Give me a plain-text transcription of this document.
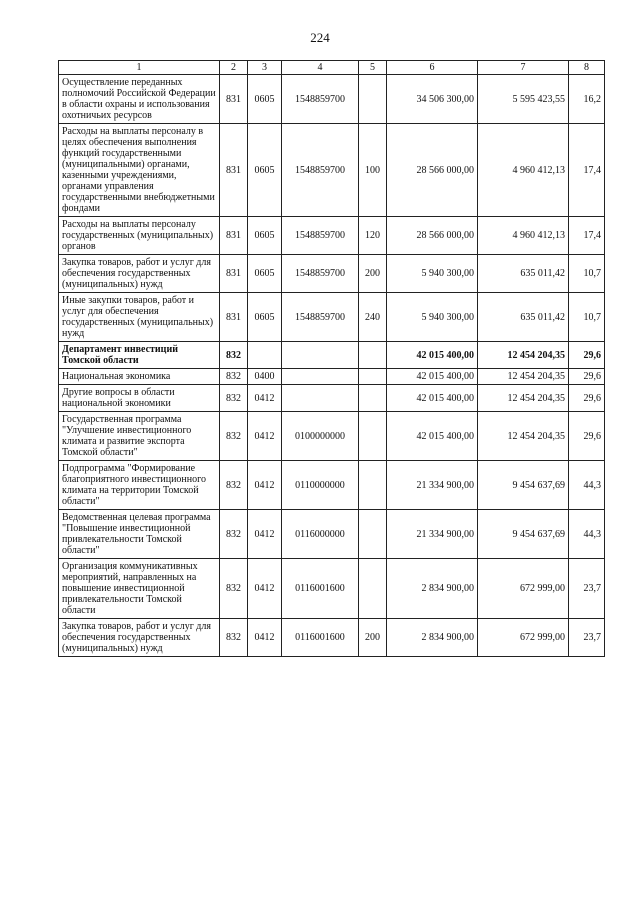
224
1	2	3	4	5	6	7	8
Осуществление переданных полномочий Российской Федерации в области охраны и использования охотничьих ресурсов	831	0605	1548859700		34 506 300,00	5 595 423,55	16,2
Расходы на выплаты персоналу в целях обеспечения выполнения функций государственными (муниципальными) органами, казенными учреждениями, органами управления государственными внебюджетными фондами	831	0605	1548859700	100	28 566 000,00	4 960 412,13	17,4
Расходы на выплаты персоналу государственных (муниципальных) органов	831	0605	1548859700	120	28 566 000,00	4 960 412,13	17,4
Закупка товаров, работ и услуг для обеспечения государственных (муниципальных) нужд	831	0605	1548859700	200	5 940 300,00	635 011,42	10,7
Иные закупки товаров, работ и услуг для обеспечения государственных (муниципальных) нужд	831	0605	1548859700	240	5 940 300,00	635 011,42	10,7
Департамент инвестиций Томской области	832				42 015 400,00	12 454 204,35	29,6
Национальная экономика	832	0400			42 015 400,00	12 454 204,35	29,6
Другие вопросы в области национальной экономики	832	0412			42 015 400,00	12 454 204,35	29,6
Государственная программа "Улучшение инвестиционного климата и развитие экспорта Томской области"	832	0412	0100000000		42 015 400,00	12 454 204,35	29,6
Подпрограмма "Формирование благоприятного инвестиционного климата на территории Томской области"	832	0412	0110000000		21 334 900,00	9 454 637,69	44,3
Ведомственная целевая программа "Повышение инвестиционной привлекательности Томской области"	832	0412	0116000000		21 334 900,00	9 454 637,69	44,3
Организация коммуникативных мероприятий, направленных на повышение инвестиционной привлекательности Томской области	832	0412	0116001600		2 834 900,00	672 999,00	23,7
Закупка товаров, работ и услуг для обеспечения государственных (муниципальных) нужд	832	0412	0116001600	200	2 834 900,00	672 999,00	23,7
